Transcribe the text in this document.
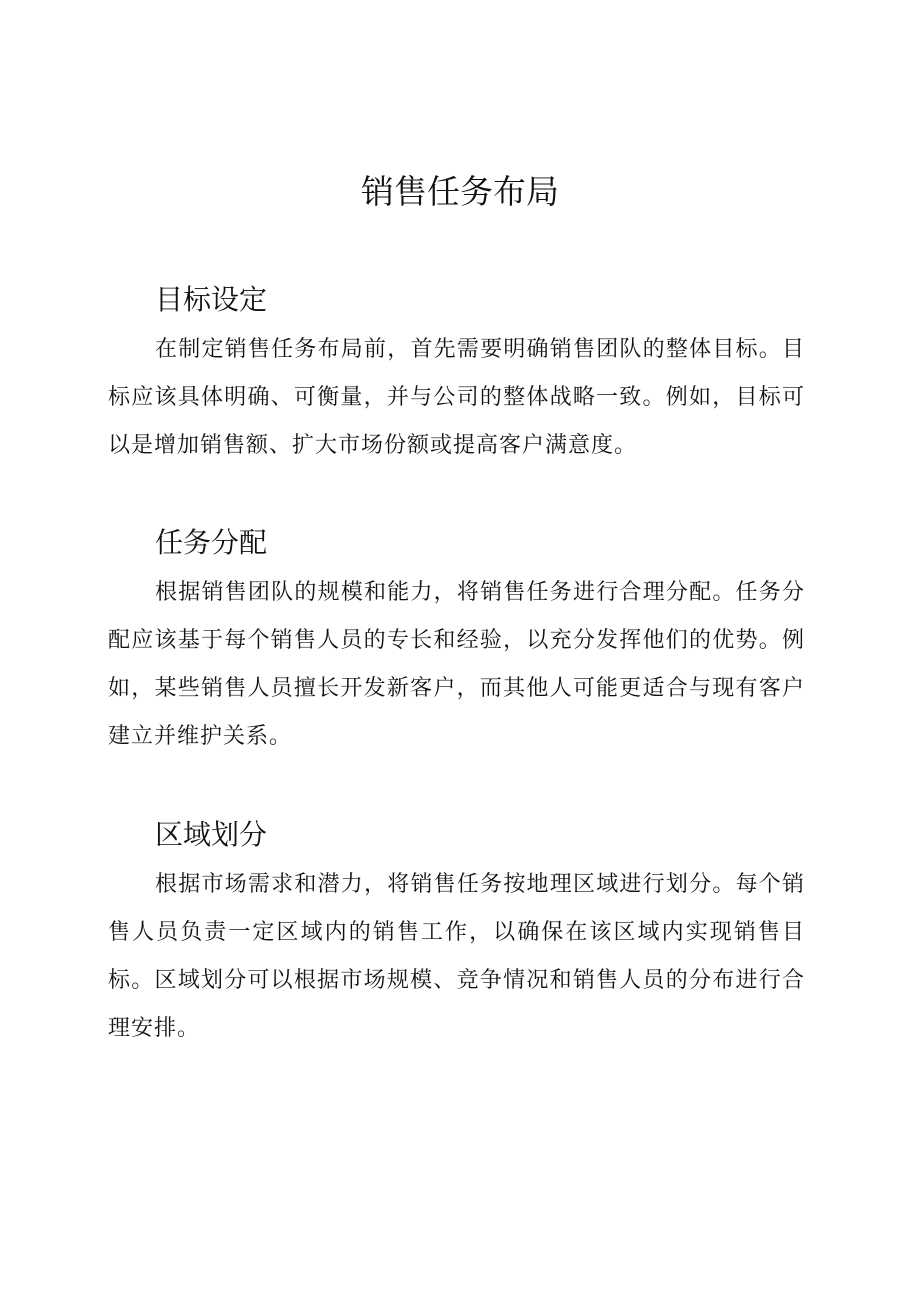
销售任务布局
目标设定

在制定销售任务布局前，首先需要明确销售团队的整体目标。目标应该具体明确、可衡量，并与公司的整体战略一致。例如，目标可以是增加销售额、扩大市场份额或提高客户满意度。

任务分配

根据销售团队的规模和能力，将销售任务进行合理分配。任务分配应该基于每个销售人员的专长和经验，以充分发挥他们的优势。例如，某些销售人员擅长开发新客户，而其他人可能更适合与现有客户建立并维护关系。

区域划分

根据市场需求和潜力，将销售任务按地理区域进行划分。每个销售人员负责一定区域内的销售工作，以确保在该区域内实现销售目标。区域划分可以根据市场规模、竞争情况和销售人员的分布进行合理安排。
